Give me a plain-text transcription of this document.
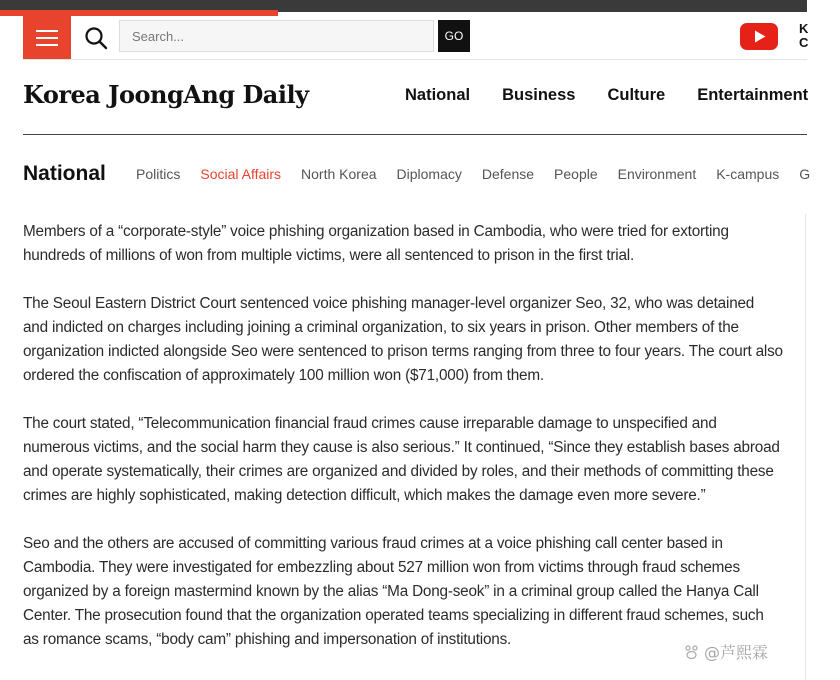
Search...
GO	K
C
Korea JoongAng Daily	National Business Culture Entertainment
National Politics Social Affairs North Korea Diplomacy Defense People Environment K-campus G

Members of a “corporate-style” voice phishing organization based in Cambodia, who were tried for extorting hundreds of millions of won from multiple victims, were all sentenced to prison in the first trial.

The Seoul Eastern District Court sentenced voice phishing manager-level organizer Seo, 32, who was detained and indicted on charges including joining a criminal organization, to six years in prison. Other members of the organization indicted alongside Seo were sentenced to prison terms ranging from three to four years. The court also ordered the confiscation of approximately 100 million won ($71,000) from them.

The court stated, “Telecommunication financial fraud crimes cause irreparable damage to unspecified and numerous victims, and the social harm they cause is also serious.” It continued, “Since they establish bases abroad and operate systematically, their crimes are organized and divided by roles, and their methods of committing these crimes are highly sophisticated, making detection difficult, which makes the damage even more severe.”

Seo and the others are accused of committing various fraud crimes at a voice phishing call center based in Cambodia. They were investigated for embezzling about 527 million won from victims through fraud schemes organized by a foreign mastermind known by the alias “Ma Dong-seok” in a criminal group called the Hanya Call Center. The prosecution found that the organization operated teams specializing in different fraud schemes, such as romance scams, “body cam” phishing and impersonation of institutions.

@芦熙霖
